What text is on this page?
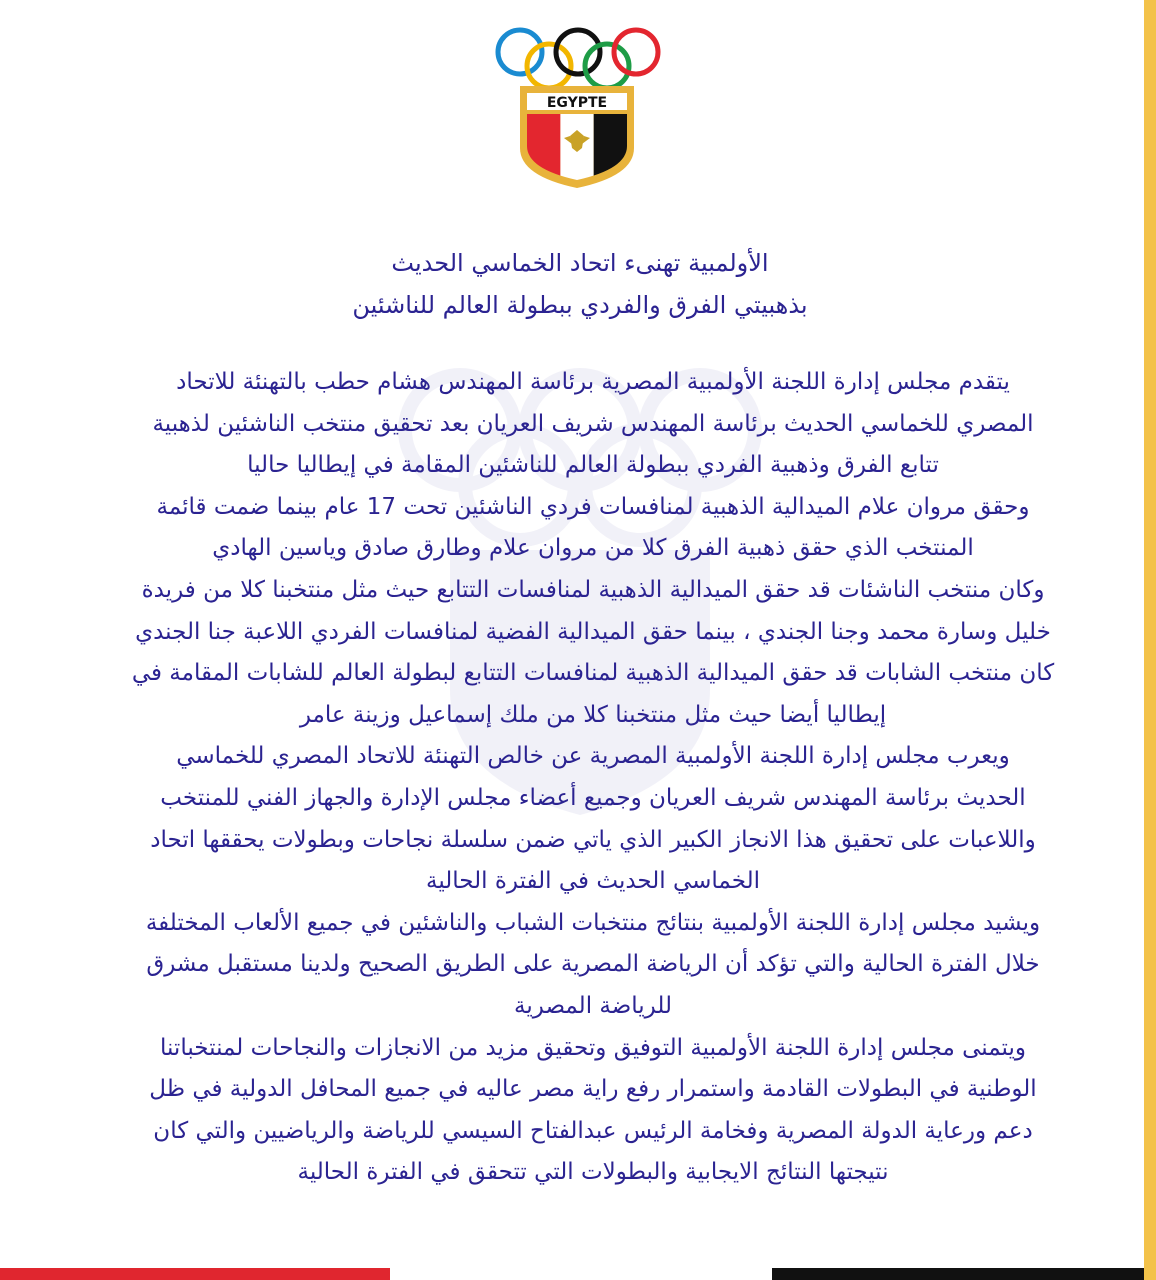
EGYPTE
الأولمبية تهنىء اتحاد الخماسي الحديث
بذهبيتي الفرق والفردي ببطولة العالم للناشئين

يتقدم مجلس إدارة اللجنة الأولمبية المصرية برئاسة المهندس هشام حطب بالتهنئة للاتحاد

المصري للخماسي الحديث برئاسة المهندس شريف العريان بعد تحقيق منتخب الناشئين لذهبية

تتابع الفرق وذهبية الفردي ببطولة العالم للناشئين المقامة في إيطاليا حاليا

وحقق مروان علام الميدالية الذهبية لمنافسات فردي الناشئين تحت 17 عام بينما ضمت قائمة

المنتخب الذي حقق ذهبية الفرق كلا من مروان علام وطارق صادق وياسين الهادي

وكان منتخب الناشئات قد حقق الميدالية الذهبية لمنافسات التتابع حيث مثل منتخبنا كلا من فريدة

خليل وسارة محمد وجنا الجندي ، بينما حقق الميدالية الفضية لمنافسات الفردي اللاعبة جنا الجندي

كان منتخب الشابات قد حقق الميدالية الذهبية لمنافسات التتابع لبطولة العالم للشابات المقامة في

إيطاليا أيضا حيث مثل منتخبنا كلا من ملك إسماعيل وزينة عامر

ويعرب مجلس إدارة اللجنة الأولمبية المصرية عن خالص التهنئة للاتحاد المصري للخماسي

الحديث برئاسة المهندس شريف العريان وجميع أعضاء مجلس الإدارة والجهاز الفني للمنتخب

واللاعبات على تحقيق هذا الانجاز الكبير الذي ياتي ضمن سلسلة نجاحات وبطولات يحققها اتحاد

الخماسي الحديث في الفترة الحالية

ويشيد مجلس إدارة اللجنة الأولمبية بنتائج منتخبات الشباب والناشئين في جميع الألعاب المختلفة

خلال الفترة الحالية والتي تؤكد أن الرياضة المصرية على الطريق الصحيح ولدينا مستقبل مشرق

للرياضة المصرية

ويتمنى مجلس إدارة اللجنة الأولمبية التوفيق وتحقيق مزيد من الانجازات والنجاحات لمنتخباتنا

الوطنية في البطولات القادمة واستمرار رفع راية مصر عاليه في جميع المحافل الدولية في ظل

دعم ورعاية الدولة المصرية وفخامة الرئيس عبدالفتاح السيسي للرياضة والرياضيين والتي كان

نتيجتها النتائج الايجابية والبطولات التي تتحقق في الفترة الحالية
